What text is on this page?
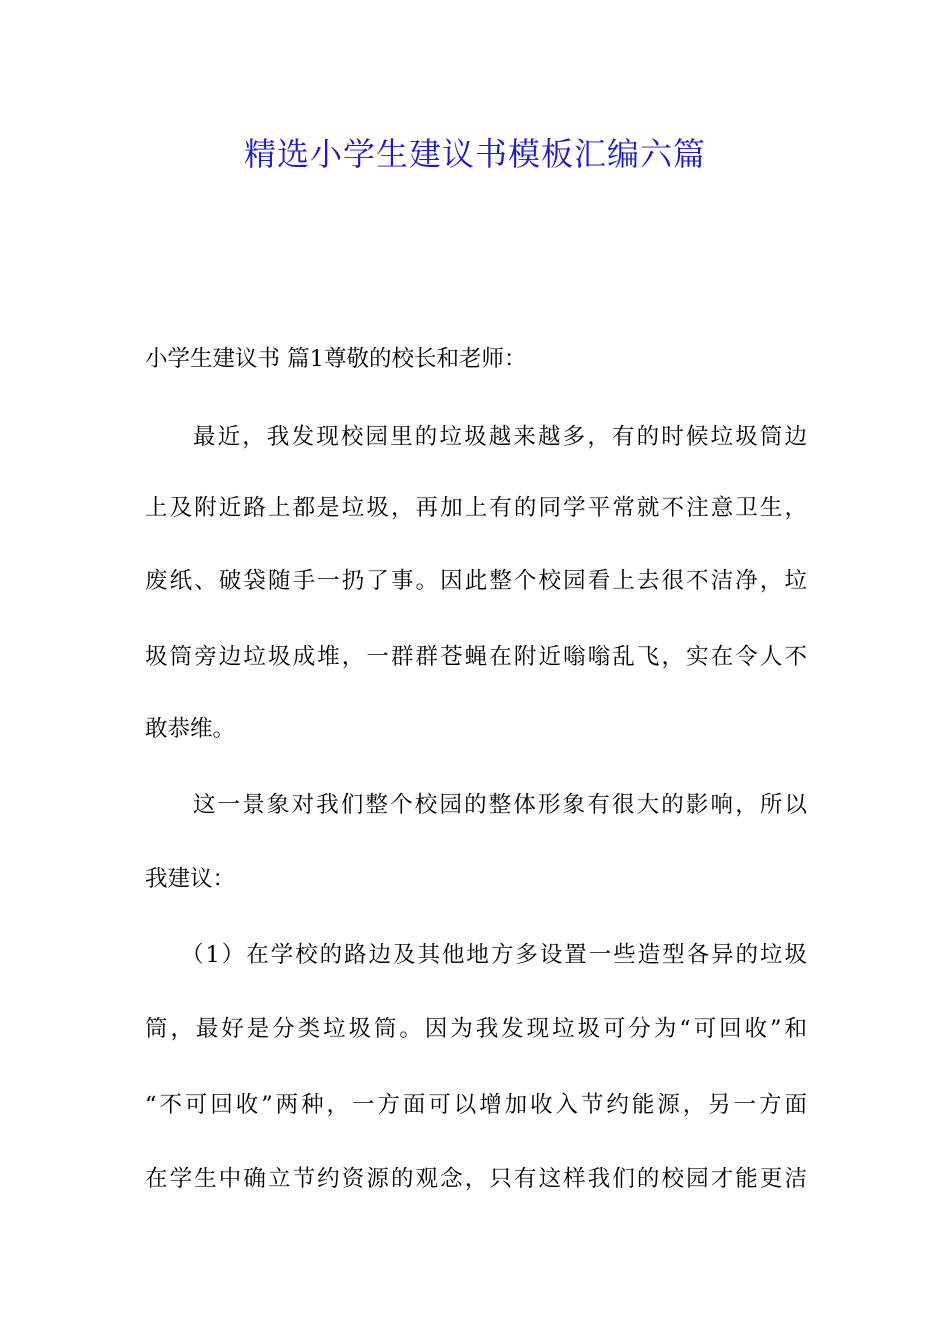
精选小学生建议书模板汇编六篇
小学生建议书 篇1尊敬的校长和老师：
最近，我发现校园里的垃圾越来越多，有的时候垃圾筒边
上及附近路上都是垃圾，再加上有的同学平常就不注意卫生，
废纸、破袋随手一扔了事。因此整个校园看上去很不洁净，垃
圾筒旁边垃圾成堆，一群群苍蝇在附近嗡嗡乱飞，实在令人不
敢恭维。
这一景象对我们整个校园的整体形象有很大的影响，所以
我建议：
（1）在学校的路边及其他地方多设置一些造型各异的垃圾
筒，最好是分类垃圾筒。因为我发现垃圾可分为“可回收”和
“不可回收”两种，一方面可以增加收入节约能源，另一方面
在学生中确立节约资源的观念，只有这样我们的校园才能更洁
